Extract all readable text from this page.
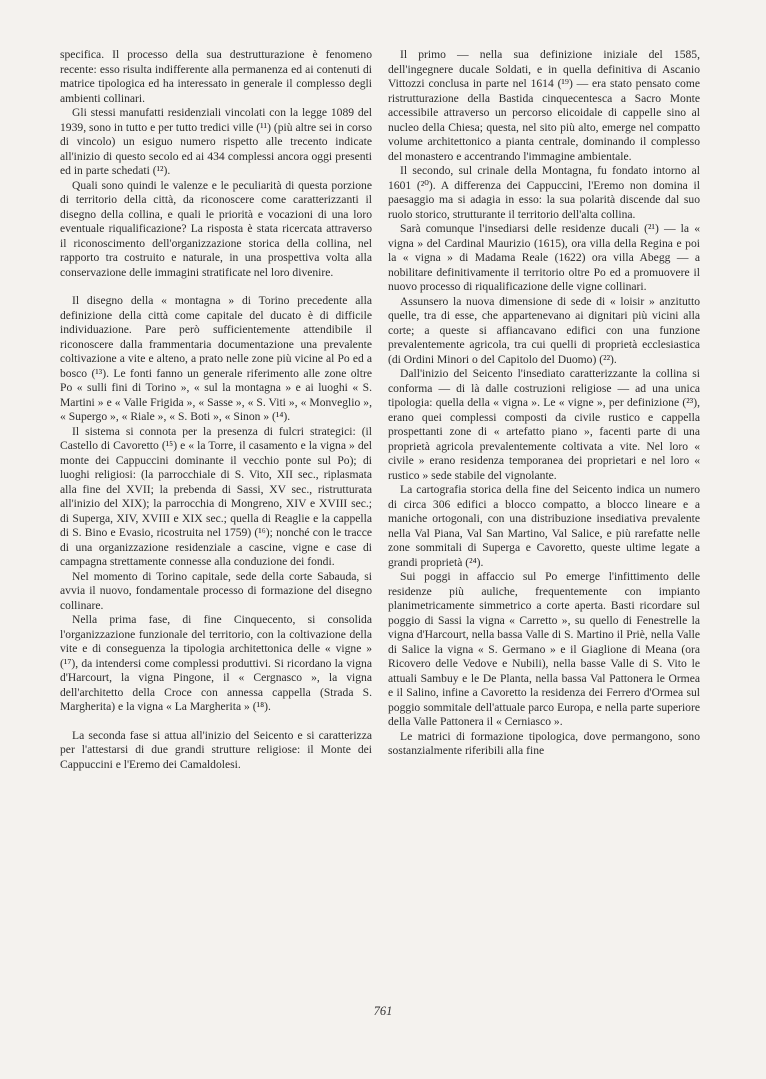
specifica. Il processo della sua destrutturazione è fenomeno recente: esso risulta indifferente alla permanenza ed ai contenuti di matrice tipologica ed ha interessato in generale il complesso degli ambienti collinari.

Gli stessi manufatti residenziali vincolati con la legge 1089 del 1939, sono in tutto e per tutto tredici ville (¹¹) (più altre sei in corso di vincolo) un esiguo numero rispetto alle trecento indicate all'inizio di questo secolo ed ai 434 complessi ancora oggi presenti ed in parte schedati (¹²).

Quali sono quindi le valenze e le peculiarità di questa porzione di territorio della città, da riconoscere come caratterizzanti il disegno della collina, e quali le priorità e vocazioni di una loro eventuale riqualificazione? La risposta è stata ricercata attraverso il riconoscimento dell'organizzazione storica della collina, nel rapporto tra costruito e naturale, in una prospettiva volta alla conservazione delle immagini stratificate nel loro divenire.

Il disegno della « montagna » di Torino precedente alla definizione della città come capitale del ducato è di difficile individuazione. Pare però sufficientemente attendibile il riconoscere dalla frammentaria documentazione una prevalente coltivazione a vite e alteno, a prato nelle zone più vicine al Po ed a bosco (¹³). Le fonti fanno un generale riferimento alle zone oltre Po « sulli fini di Torino », « sul la montagna » e ai luoghi « S. Martini » e « Valle Frigida », « Sasse », « S. Viti », « Monveglio », « Supergo », « Riale », « S. Boti », « Sinon » (¹⁴).

Il sistema si connota per la presenza di fulcri strategici: (il Castello di Cavoretto (¹⁵) e « la Torre, il casamento e la vigna » del monte dei Cappuccini dominante il vecchio ponte sul Po); di luoghi religiosi: (la parrocchiale di S. Vito, XII sec., riplasmata alla fine del XVII; la prebenda di Sassi, XV sec., ristrutturata all'inizio del XIX); la parrocchia di Mongreno, XIV e XVIII sec.; di Superga, XIV, XVIII e XIX sec.; quella di Reaglie e la cappella di S. Bino e Evasio, ricostruita nel 1759) (¹⁶); nonché con le tracce di una organizzazione residenziale a cascine, vigne e case di campagna strettamente connesse alla conduzione dei fondi.

Nel momento di Torino capitale, sede della corte Sabauda, si avvia il nuovo, fondamentale processo di formazione del disegno collinare.

Nella prima fase, di fine Cinquecento, si consolida l'organizzazione funzionale del territorio, con la coltivazione della vite e di conseguenza la tipologia architettonica delle « vigne » (¹⁷), da intendersi come complessi produttivi. Si ricordano la vigna d'Harcourt, la vigna Pingone, il « Cergnasco », la vigna dell'architetto della Croce con annessa cappella (Strada S. Margherita) e la vigna « La Margherita » (¹⁸).

La seconda fase si attua all'inizio del Seicento e si caratterizza per l'attestarsi di due grandi strutture religiose: il Monte dei Cappuccini e l'Eremo dei Camaldolesi.

Il primo — nella sua definizione iniziale del 1585, dell'ingegnere ducale Soldati, e in quella definitiva di Ascanio Vittozzi conclusa in parte nel 1614 (¹⁹) — era stato pensato come ristrutturazione della Bastida cinquecentesca a Sacro Monte accessibile attraverso un percorso elicoidale di cappelle sino al nucleo della Chiesa; questa, nel sito più alto, emerge nel compatto volume architettonico a pianta centrale, dominando il complesso del monastero e accentrando l'immagine ambientale.

Il secondo, sul crinale della Montagna, fu fondato intorno al 1601 (²⁰). A differenza dei Cappuccini, l'Eremo non domina il paesaggio ma si adagia in esso: la sua polarità discende dal suo ruolo storico, strutturante il territorio dell'alta collina.

Sarà comunque l'insediarsi delle residenze ducali (²¹) — la « vigna » del Cardinal Maurizio (1615), ora villa della Regina e poi la « vigna » di Madama Reale (1622) ora villa Abegg — a nobilitare definitivamente il territorio oltre Po ed a promuovere il nuovo processo di riqualificazione delle vigne collinari.

Assunsero la nuova dimensione di sede di « loisir » anzitutto quelle, tra di esse, che appartenevano ai dignitari più vicini alla corte; a queste si affiancavano edifici con una funzione prevalentemente agricola, tra cui quelli di proprietà ecclesiastica (di Ordini Minori o del Capitolo del Duomo) (²²).

Dall'inizio del Seicento l'insediato caratterizzante la collina si conforma — di là dalle costruzioni religiose — ad una unica tipologia: quella della « vigna ». Le « vigne », per definizione (²³), erano quei complessi composti da civile rustico e cappella prospettanti zone di « artefatto piano », facenti parte di una proprietà agricola prevalentemente coltivata a vite. Nel loro « civile » erano residenza temporanea dei proprietari e nel loro « rustico » sede stabile del vignolante.

La cartografia storica della fine del Seicento indica un numero di circa 306 edifici a blocco compatto, a blocco lineare e a maniche ortogonali, con una distribuzione insediativa prevalente nella Val Piana, Val San Martino, Val Salice, e più rarefatte nelle zone sommitali di Superga e Cavoretto, queste ultime legate a grandi proprietà (²⁴).

Sui poggi in affaccio sul Po emerge l'infittimento delle residenze più auliche, frequentemente con impianto planimetricamente simmetrico a corte aperta. Basti ricordare sul poggio di Sassi la vigna « Carretto », su quello di Fenestrelle la vigna d'Harcourt, nella bassa Valle di S. Martino il Priè, nella Valle di Salice la vigna « S. Germano » e il Giaglione di Meana (ora Ricovero delle Vedove e Nubili), nella basse Valle di S. Vito le attuali Sambuy e le De Planta, nella bassa Val Pattonera le Ormea e il Salino, infine a Cavoretto la residenza dei Ferrero d'Ormea sul poggio sommitale dell'attuale parco Europa, e nella parte superiore della Valle Pattonera il « Cerniasco ».

Le matrici di formazione tipologica, dove permangono, sono sostanzialmente riferibili alla fine

761
